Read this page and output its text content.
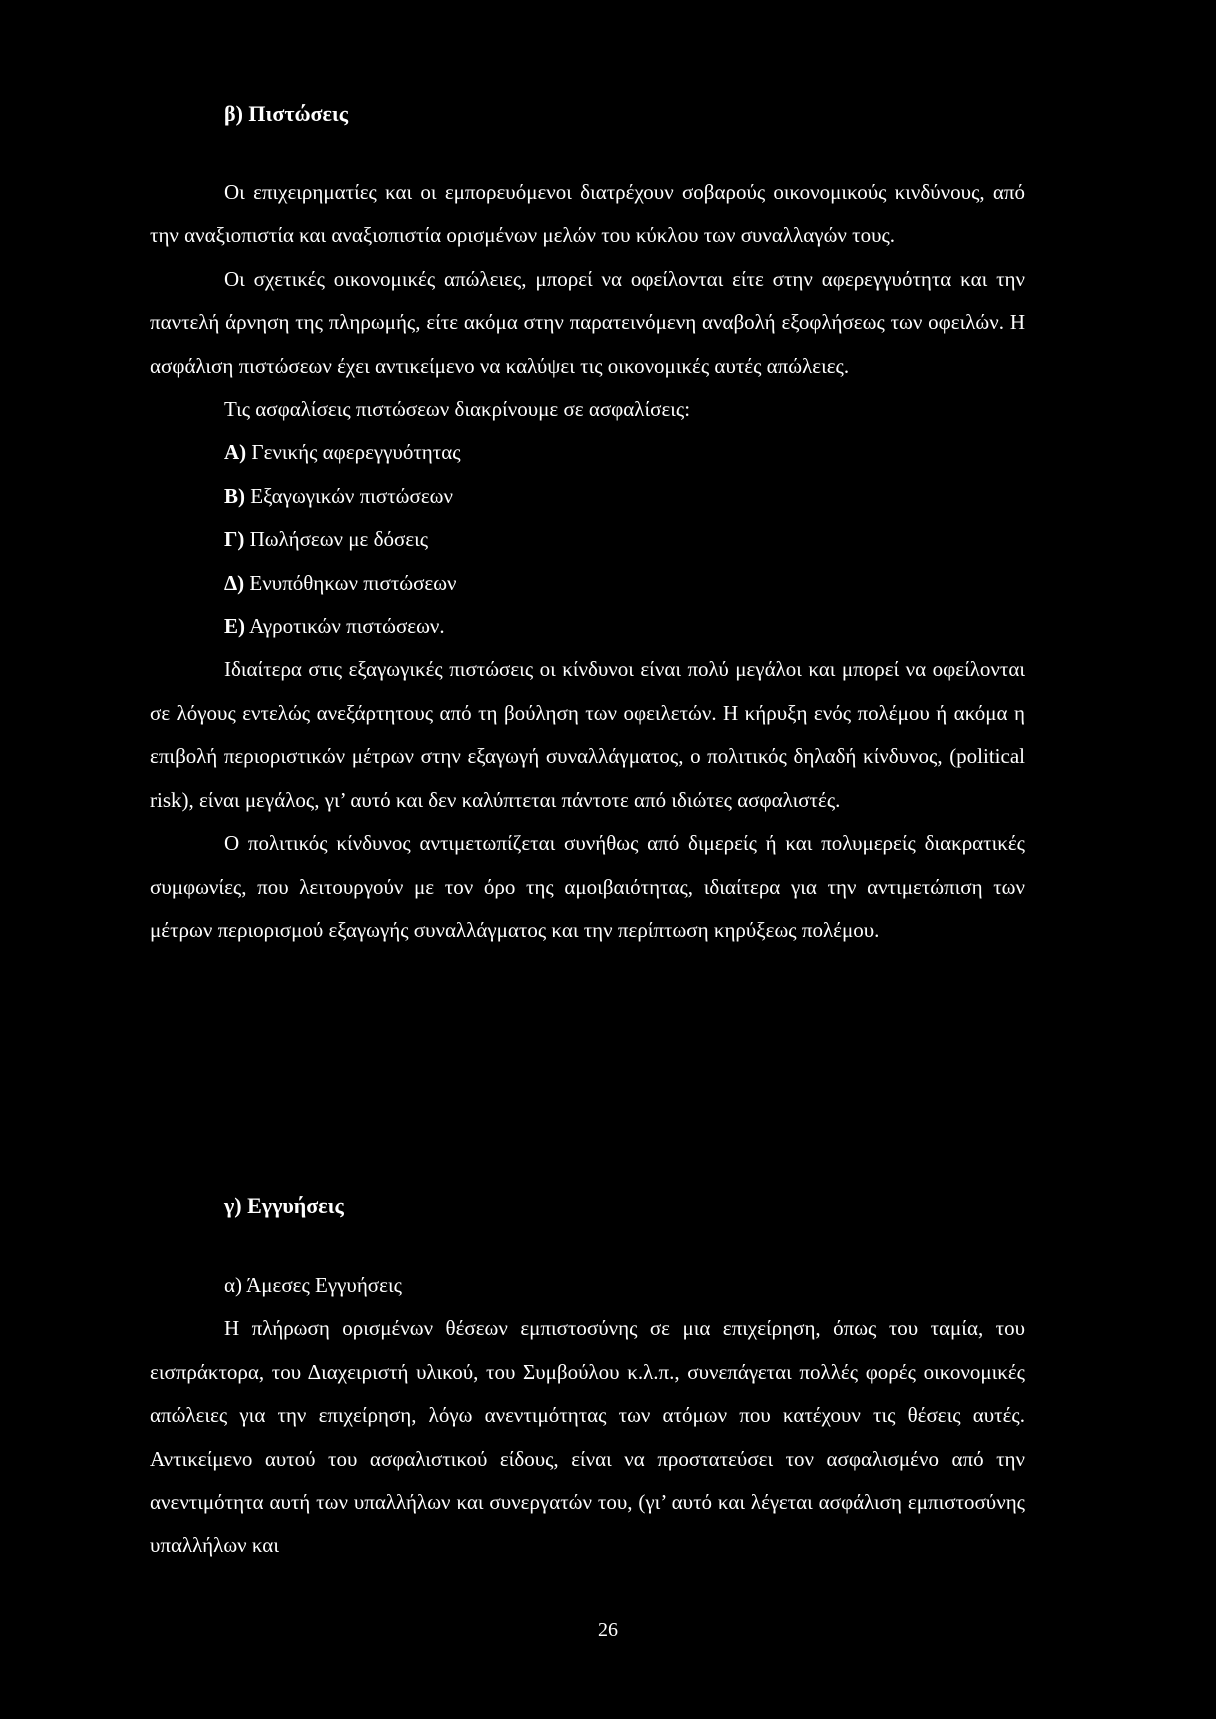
β) Πιστώσεις

Οι επιχειρηματίες και οι εμπορευόμενοι διατρέχουν σοβαρούς οικονομικούς κινδύνους, από την αναξιοπιστία και αναξιοπιστία ορισμένων μελών του κύκλου των συναλλαγών τους.

Οι σχετικές οικονομικές απώλειες, μπορεί να οφείλονται είτε στην αφερεγγυότητα και την παντελή άρνηση της πληρωμής, είτε ακόμα στην παρατεινόμενη αναβολή εξοφλήσεως των οφειλών. Η ασφάλιση πιστώσεων έχει αντικείμενο να καλύψει τις οικονομικές αυτές απώλειες.

Τις ασφαλίσεις πιστώσεων διακρίνουμε σε ασφαλίσεις:

Α) Γενικής αφερεγγυότητας

Β) Εξαγωγικών πιστώσεων

Γ) Πωλήσεων με δόσεις

Δ) Ενυπόθηκων πιστώσεων

Ε) Αγροτικών πιστώσεων.

Ιδιαίτερα στις εξαγωγικές πιστώσεις οι κίνδυνοι είναι πολύ μεγάλοι και μπορεί να οφείλονται σε λόγους εντελώς ανεξάρτητους από τη βούληση των οφειλετών. Η κήρυξη ενός πολέμου ή ακόμα η επιβολή περιοριστικών μέτρων στην εξαγωγή συναλλάγματος, ο πολιτικός δηλαδή κίνδυνος, (political risk), είναι μεγάλος, γι’ αυτό και δεν καλύπτεται πάντοτε από ιδιώτες ασφαλιστές.

Ο πολιτικός κίνδυνος αντιμετωπίζεται συνήθως από διμερείς ή και πολυμερείς διακρατικές συμφωνίες, που λειτουργούν με τον όρο της αμοιβαιότητας, ιδιαίτερα για την αντιμετώπιση των μέτρων περιορισμού εξαγωγής συναλλάγματος και την περίπτωση κηρύξεως πολέμου.

γ) Εγγυήσεις

α) Άμεσες Εγγυήσεις

Η πλήρωση ορισμένων θέσεων εμπιστοσύνης σε μια επιχείρηση, όπως του ταμία, του εισπράκτορα, του Διαχειριστή υλικού, του Συμβούλου κ.λ.π., συνεπάγεται πολλές φορές οικονομικές απώλειες για την επιχείρηση, λόγω ανεντιμότητας των ατόμων που κατέχουν τις θέσεις αυτές. Αντικείμενο αυτού του ασφαλιστικού είδους, είναι να προστατεύσει τον ασφαλισμένο από την ανεντιμότητα αυτή των υπαλλήλων και συνεργατών του, (γι’ αυτό και λέγεται ασφάλιση εμπιστοσύνης υπαλλήλων και

26
